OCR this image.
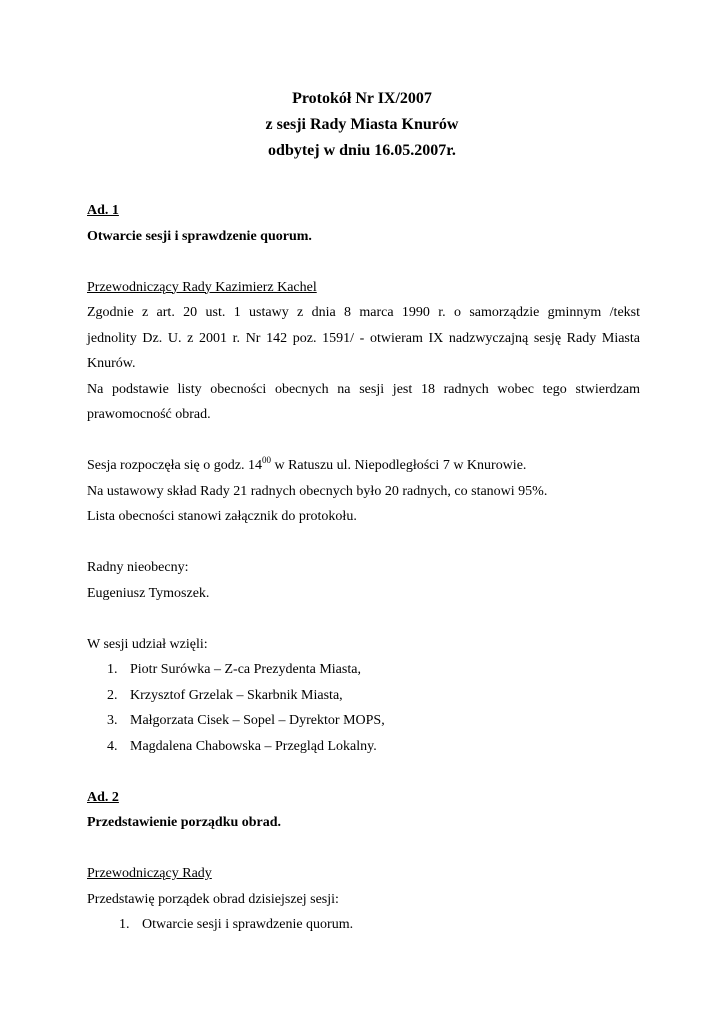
Protokół Nr IX/2007
z sesji Rady Miasta Knurów
odbytej w dniu 16.05.2007r.
Ad. 1
Otwarcie sesji i sprawdzenie quorum.
Przewodniczący Rady Kazimierz Kachel
Zgodnie z art. 20 ust. 1 ustawy z dnia 8 marca 1990 r. o samorządzie gminnym /tekst
jednolity Dz. U. z 2001 r. Nr 142 poz. 1591/ - otwieram IX nadzwyczajną sesję Rady Miasta
Knurów.
Na podstawie listy obecności obecnych na sesji jest 18 radnych wobec tego stwierdzam
prawomocność obrad.
Sesja rozpoczęła się o godz. $14^{00}$ w Ratuszu ul. Niepodległości 7 w Knurowie.
Na ustawowy skład Rady 21 radnych obecnych było 20 radnych, co stanowi 95%.
Lista obecności stanowi załącznik do protokołu.
Radny nieobecny:
Eugeniusz Tymoszek.
W sesji udział wzięli:
1. Piotr Surówka – Z-ca Prezydenta Miasta,
2. Krzysztof Grzelak – Skarbnik Miasta,
3. Małgorzata Cisek – Sopel – Dyrektor MOPS,
4. Magdalena Chabowska – Przegląd Lokalny.
Ad. 2
Przedstawienie porządku obrad.
Przewodniczący Rady
Przedstawię porządek obrad dzisiejszej sesji:
1. Otwarcie sesji i sprawdzenie quorum.
